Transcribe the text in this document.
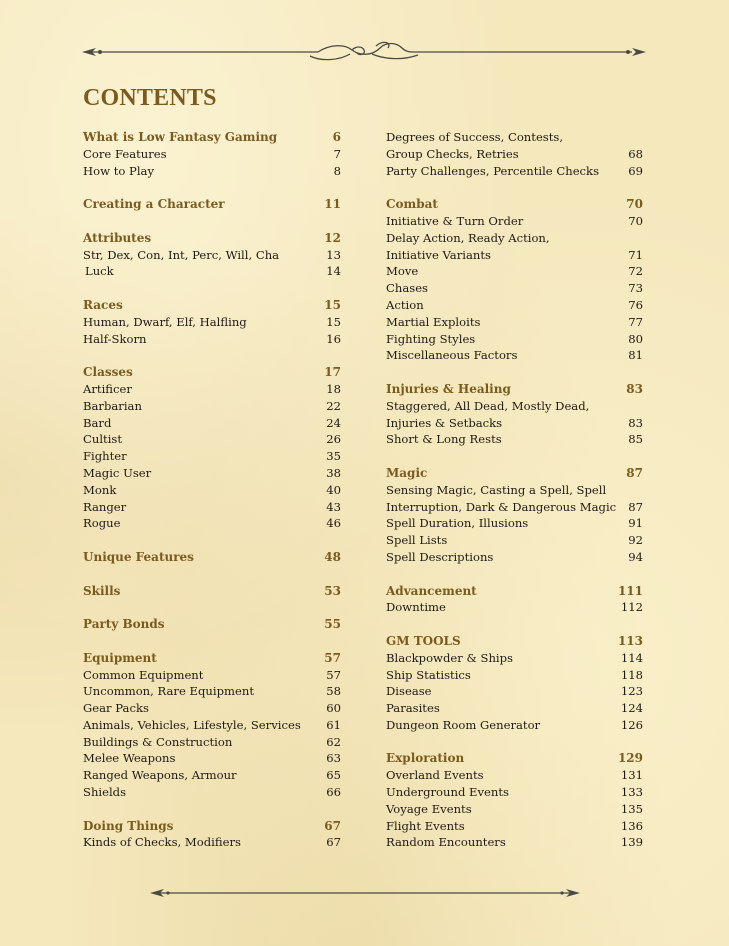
CONTENTS
What is Low Fantasy Gaming	6
Core Features	7
How to Play	8
Creating a Character	11
Attributes	12
Str, Dex, Con, Int, Perc, Will, Cha	13
Luck	14
Races	15
Human, Dwarf, Elf, Halfling	15
Half-Skorn	16
Classes	17
Artificer	18
Barbarian	22
Bard	24
Cultist	26
Fighter	35
Magic User	38
Monk	40
Ranger	43
Rogue	46
Unique Features	48
Skills	53
Party Bonds	55
Equipment	57
Common Equipment	57
Uncommon, Rare Equipment	58
Gear Packs	60
Animals, Vehicles, Lifestyle, Services 61
Buildings & Construction	62
Melee Weapons	63
Ranged Weapons, Armour	65
Shields	66
Doing Things	67
Kinds of Checks, Modifiers	67
Degrees of Success, Contests,
Group Checks, Retries	68
Party Challenges, Percentile Checks	69
Combat	70
Initiative & Turn Order	70
Delay Action, Ready Action,
Initiative Variants	71
Move	72
Chases	73
Action	76
Martial Exploits	77
Fighting Styles	80
Miscellaneous Factors	81
Injuries & Healing	83
Staggered, All Dead, Mostly Dead,
Injuries & Setbacks	83
Short & Long Rests	85
Magic	87
Sensing Magic, Casting a Spell, Spell
Interruption, Dark & Dangerous Magic 87
Spell Duration, Illusions	91
Spell Lists	92
Spell Descriptions	94
Advancement	111
Downtime	112
GM TOOLS	113
Blackpowder & Ships	114
Ship Statistics	118
Disease	123
Parasites	124
Dungeon Room Generator	126
Exploration	129
Overland Events	131
Underground Events	133
Voyage Events	135
Flight Events	136
Random Encounters	139
